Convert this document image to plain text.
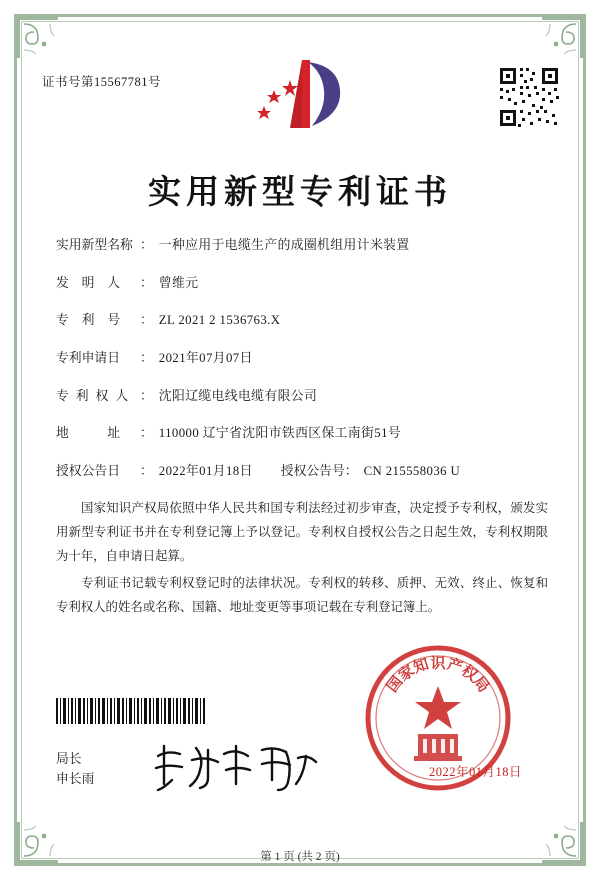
证书号第15567781号
实用新型专利证书
实用新型名称 ： 一种应用于电缆生产的成圈机组用计米装置
发　明　人	： 曾维元
专　利　号	： ZL 2021 2 1536763.X
专利申请日	： 2021年07月07日
专利权人 ： 沈阳辽缆电线电缆有限公司
地　　　址	： 110000 辽宁省沈阳市铁西区保工南街51号
授权公告日	： 2022年01月18日	授权公告号： CN 215558036 U
国家知识产权局依照中华人民共和国专利法经过初步审查，决定授予专利权，颁发实用新型专利证书并在专利登记簿上予以登记。专利权自授权公告之日起生效，专利权期限为十年，自申请日起算。
专利证书记载专利权登记时的法律状况。专利权的转移、质押、无效、终止、恢复和专利权人的姓名或名称、国籍、地址变更等事项记载在专利登记簿上。
局长
申长雨
国
家
知 识 产
权
局
2022年01月18日
第 1 页 (共 2 页)
